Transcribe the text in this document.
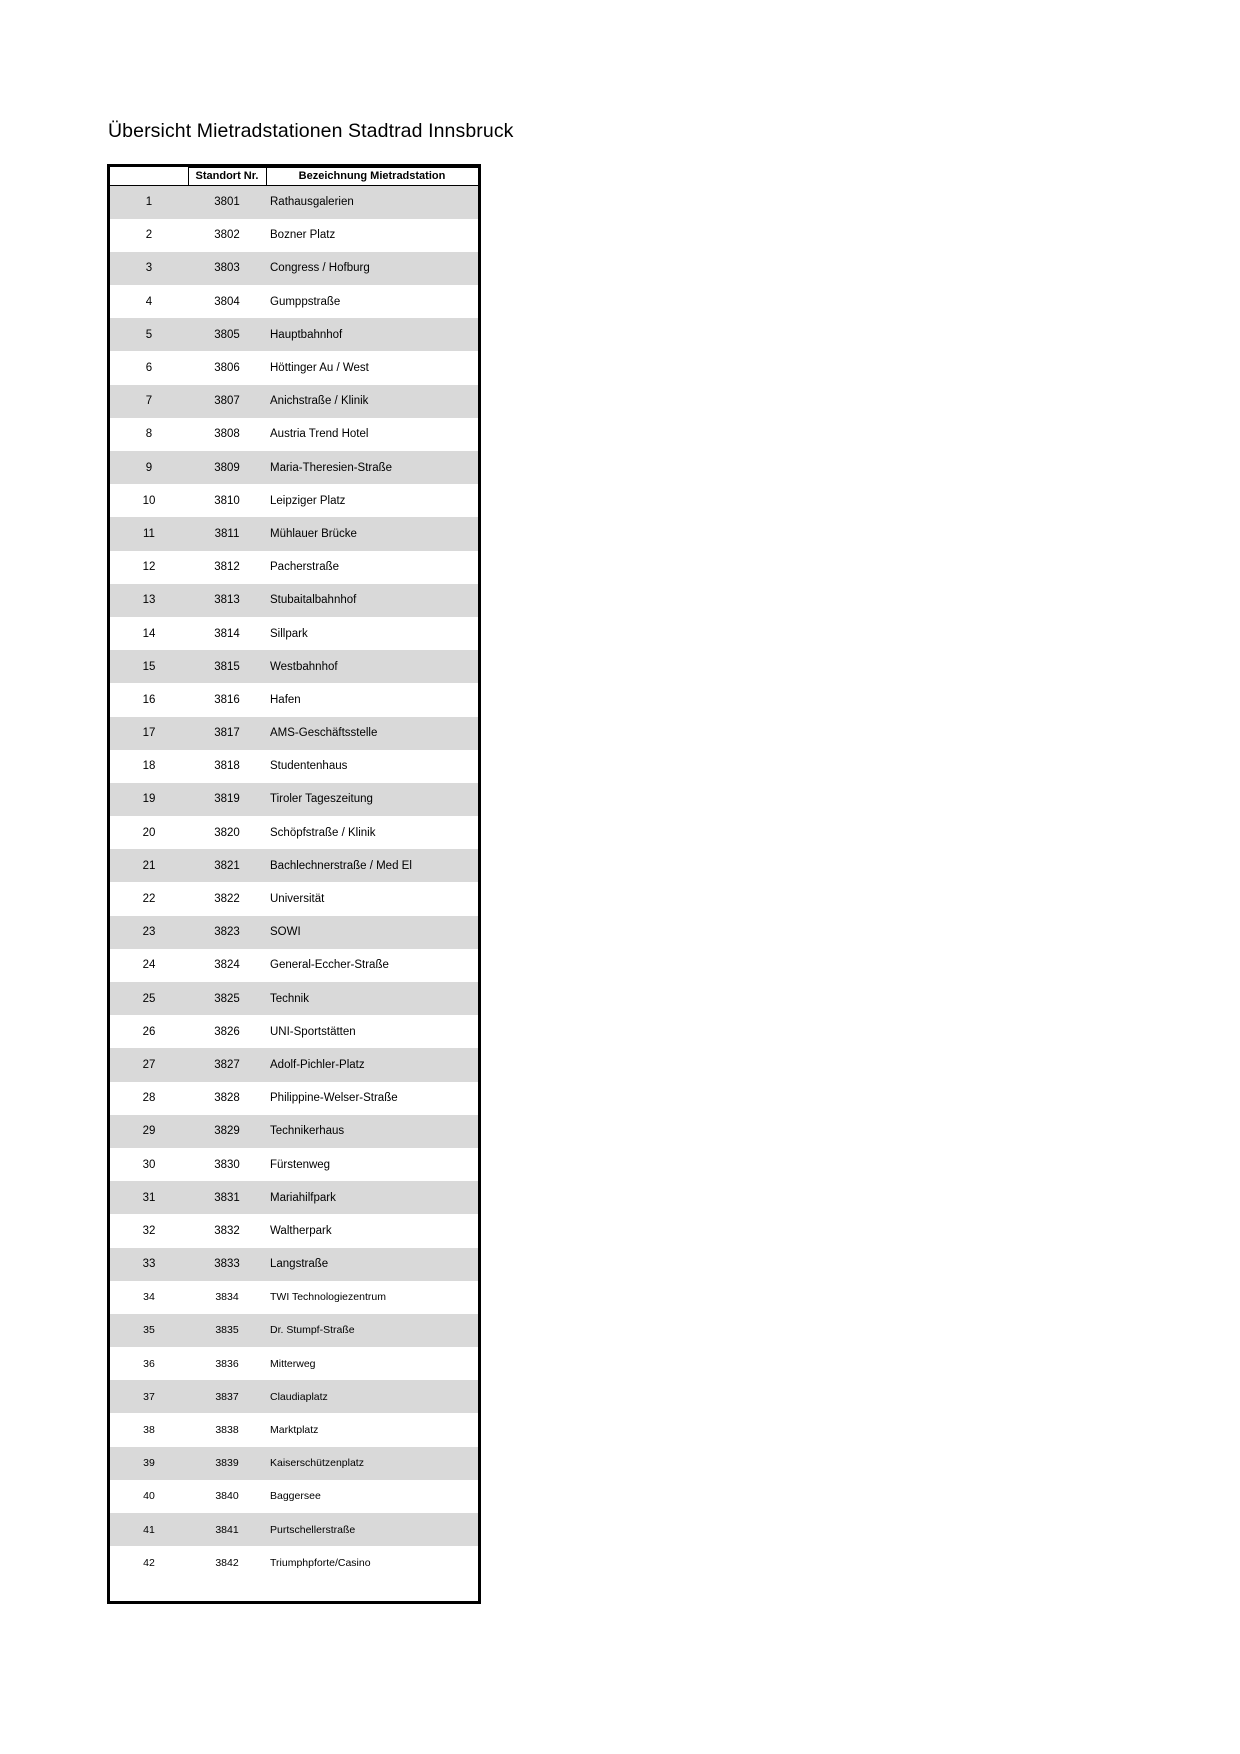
Übersicht Mietradstationen Stadtrad Innsbruck
	Standort Nr.	Bezeichnung Mietradstation
1	3801	Rathausgalerien
2	3802	Bozner Platz
3	3803	Congress / Hofburg
4	3804	Gumppstraße
5	3805	Hauptbahnhof
6	3806	Höttinger Au / West
7	3807	Anichstraße / Klinik
8	3808	Austria Trend Hotel
9	3809	Maria-Theresien-Straße
10	3810	Leipziger Platz
11	3811	Mühlauer Brücke
12	3812	Pacherstraße
13	3813	Stubaitalbahnhof
14	3814	Sillpark
15	3815	Westbahnhof
16	3816	Hafen
17	3817	AMS-Geschäftsstelle
18	3818	Studentenhaus
19	3819	Tiroler Tageszeitung
20	3820	Schöpfstraße / Klinik
21	3821	Bachlechnerstraße / Med El
22	3822	Universität
23	3823	SOWI
24	3824	General-Eccher-Straße
25	3825	Technik
26	3826	UNI-Sportstätten
27	3827	Adolf-Pichler-Platz
28	3828	Philippine-Welser-Straße
29	3829	Technikerhaus
30	3830	Fürstenweg
31	3831	Mariahilfpark
32	3832	Waltherpark
33	3833	Langstraße
34	3834	TWI Technologiezentrum
35	3835	Dr. Stumpf-Straße
36	3836	Mitterweg
37	3837	Claudiaplatz
38	3838	Marktplatz
39	3839	Kaiserschützenplatz
40	3840	Baggersee
41	3841	Purtschellerstraße
42	3842	Triumphpforte/Casino
